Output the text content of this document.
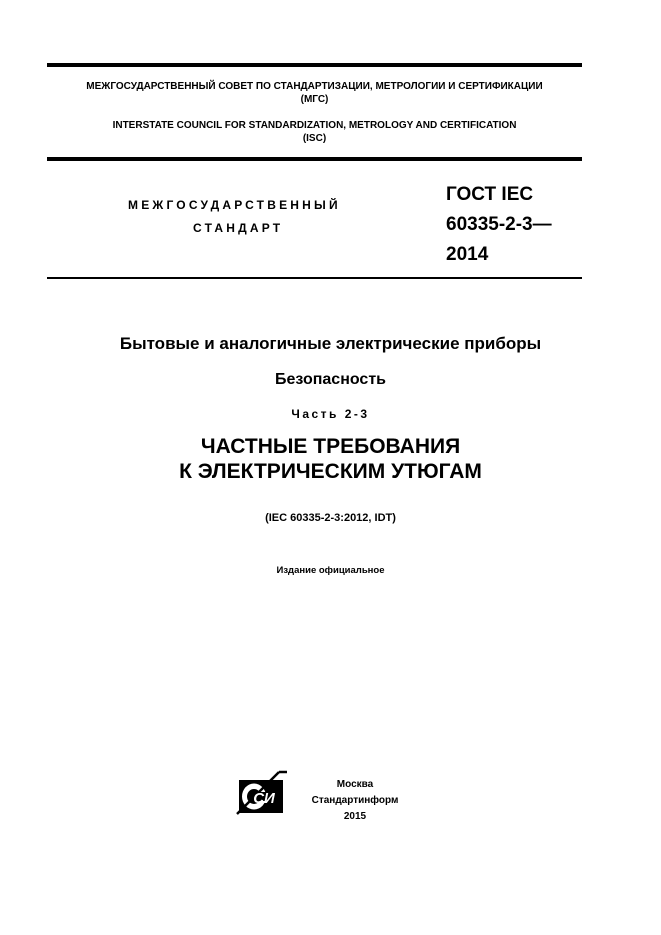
МЕЖГОСУДАРСТВЕННЫЙ СОВЕТ ПО СТАНДАРТИЗАЦИИ, МЕТРОЛОГИИ И СЕРТИФИКАЦИИ
(МГС)
INTERSTATE COUNCIL FOR STANDARDIZATION, METROLOGY AND CERTIFICATION
(ISC)
МЕЖГОСУДАРСТВЕННЫЙ
СТАНДАРТ
ГОСТ IEC
60335-2-3—
2014
Бытовые и аналогичные электрические приборы
Безопасность
Часть 2-3
ЧАСТНЫЕ ТРЕБОВАНИЯ
К ЭЛЕКТРИЧЕСКИМ УТЮГАМ
(IEC 60335-2-3:2012, IDT)
Издание официальное
СИ
Москва
Стандартинформ
2015
